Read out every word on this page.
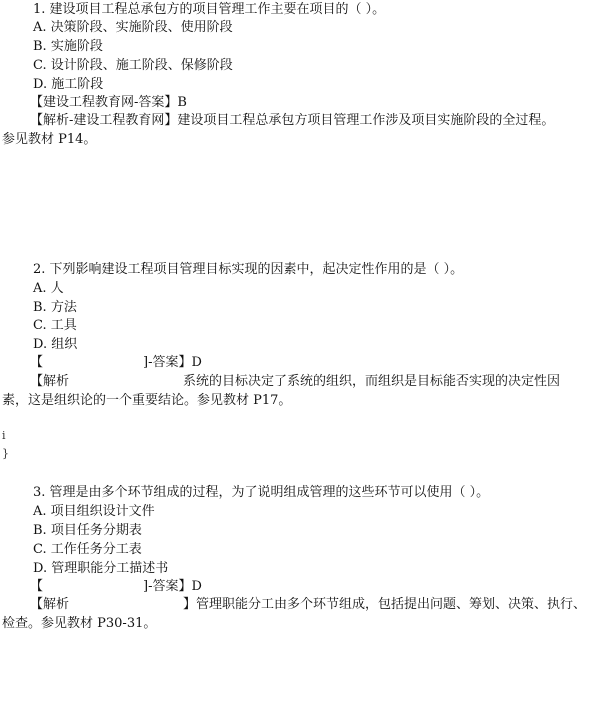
1. 建设项目工程总承包方的项目管理工作主要在项目的（ ）。
A. 决策阶段、实施阶段、使用阶段
B. 实施阶段
C. 设计阶段、施工阶段、保修阶段
D. 施工阶段
【建设工程教育网-答案】B
【解析-建设工程教育网】建设项目工程总承包方项目管理工作涉及项目实施阶段的全过程。
参见教材 P14。
2. 下列影响建设工程项目管理目标实现的因素中，起决定性作用的是（ ）。
A. 人
B. 方法
C. 工具
D. 组织
【	]-答案】D
【解析	系统的目标决定了系统的组织，而组织是目标能否实现的决定性因
素，这是组织论的一个重要结论。参见教材 P17。
i
}
3. 管理是由多个环节组成的过程，为了说明组成管理的这些环节可以使用（ ）。
A. 项目组织设计文件
B. 项目任务分期表
C. 工作任务分工表
D. 管理职能分工描述书
【	]-答案】D
【解析	】管理职能分工由多个环节组成，包括提出问题、筹划、决策、执行、
检查。参见教材 P30-31。
